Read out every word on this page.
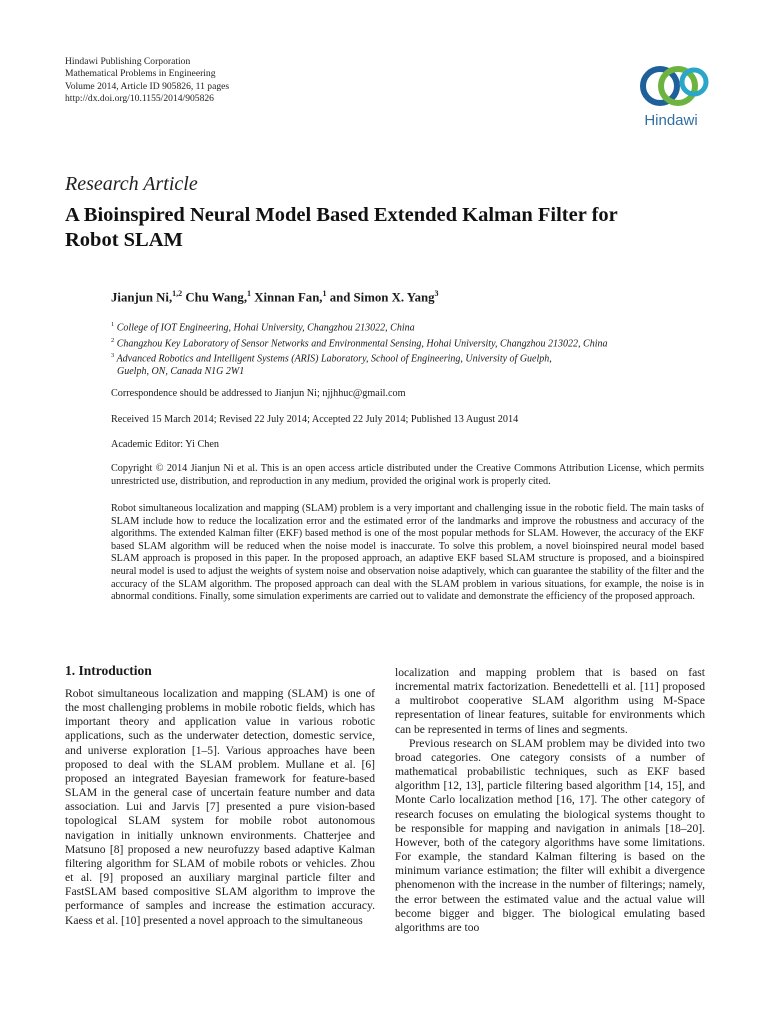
Hindawi Publishing Corporation
Mathematical Problems in Engineering
Volume 2014, Article ID 905826, 11 pages
http://dx.doi.org/10.1155/2014/905826
Hindawi
Research Article
A Bioinspired Neural Model Based Extended Kalman Filter for Robot SLAM
Jianjun Ni,$^{1,2}$ Chu Wang,$^1$ Xinnan Fan,$^1$ and Simon X. Yang$^3$
$^1$ College of IOT Engineering, Hohai University, Changzhou 213022, China
$^2$ Changzhou Key Laboratory of Sensor Networks and Environmental Sensing, Hohai University, Changzhou 213022, China
$^3$ Advanced Robotics and Intelligent Systems (ARIS) Laboratory, School of Engineering, University of Guelph,
Guelph, ON, Canada N1G 2W1
Correspondence should be addressed to Jianjun Ni; njjhhuc@gmail.com
Received 15 March 2014; Revised 22 July 2014; Accepted 22 July 2014; Published 13 August 2014
Academic Editor: Yi Chen
Copyright © 2014 Jianjun Ni et al. This is an open access article distributed under the Creative Commons Attribution License, which permits unrestricted use, distribution, and reproduction in any medium, provided the original work is properly cited.
Robot simultaneous localization and mapping (SLAM) problem is a very important and challenging issue in the robotic field. The main tasks of SLAM include how to reduce the localization error and the estimated error of the landmarks and improve the robustness and accuracy of the algorithms. The extended Kalman filter (EKF) based method is one of the most popular methods for SLAM. However, the accuracy of the EKF based SLAM algorithm will be reduced when the noise model is inaccurate. To solve this problem, a novel bioinspired neural model based SLAM approach is proposed in this paper. In the proposed approach, an adaptive EKF based SLAM structure is proposed, and a bioinspired neural model is used to adjust the weights of system noise and observation noise adaptively, which can guarantee the stability of the filter and the accuracy of the SLAM algorithm. The proposed approach can deal with the SLAM problem in various situations, for example, the noise is in abnormal conditions. Finally, some simulation experiments are carried out to validate and demonstrate the efficiency of the proposed approach.
1. Introduction

Robot simultaneous localization and mapping (SLAM) is one of the most challenging problems in mobile robotic fields, which has important theory and application value in various robotic applications, such as the underwater detection, domestic service, and universe exploration [1–5]. Various approaches have been proposed to deal with the SLAM problem. Mullane et al. [6] proposed an integrated Bayesian framework for feature-based SLAM in the general case of uncertain feature number and data association. Lui and Jarvis [7] presented a pure vision-based topological SLAM system for mobile robot autonomous navigation in initially unknown environments. Chatterjee and Matsuno [8] proposed a new neurofuzzy based adaptive Kalman filtering algorithm for SLAM of mobile robots or vehicles. Zhou et al. [9] proposed an auxiliary marginal particle filter and FastSLAM based compositive SLAM algorithm to improve the performance of samples and increase the estimation accuracy. Kaess et al. [10] presented a novel approach to the simultaneous

localization and mapping problem that is based on fast incremental matrix factorization. Benedettelli et al. [11] proposed a multirobot cooperative SLAM algorithm using M-Space representation of linear features, suitable for environments which can be represented in terms of lines and segments.

Previous research on SLAM problem may be divided into two broad categories. One category consists of a number of mathematical probabilistic techniques, such as EKF based algorithm [12, 13], particle filtering based algorithm [14, 15], and Monte Carlo localization method [16, 17]. The other category of research focuses on emulating the biological systems thought to be responsible for mapping and navigation in animals [18–20]. However, both of the category algorithms have some limitations. For example, the standard Kalman filtering is based on the minimum variance estimation; the filter will exhibit a divergence phenomenon with the increase in the number of filterings; namely, the error between the estimated value and the actual value will become bigger and bigger. The biological emulating based algorithms are too
